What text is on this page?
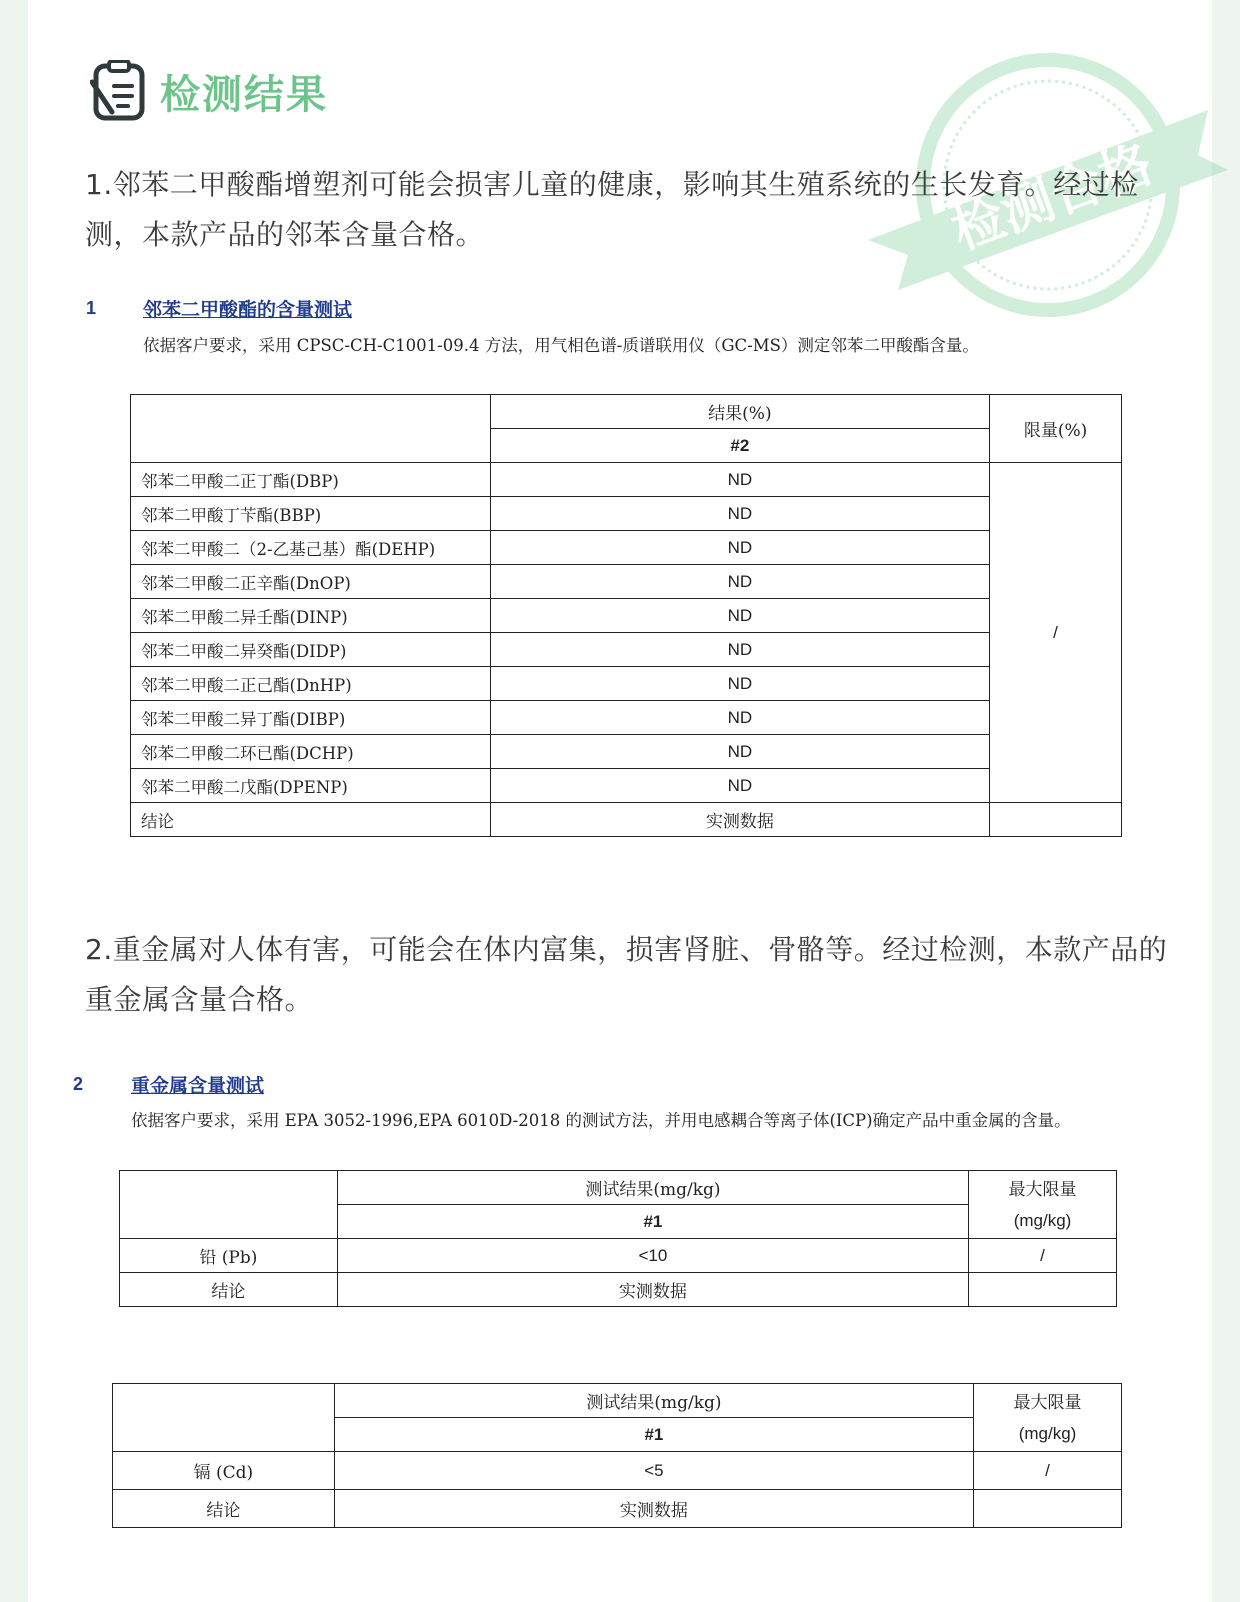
检测合格
检测结果
1.邻苯二甲酸酯增塑剂可能会损害儿童的健康，影响其生殖系统的生长发育。经过检测，本款产品的邻苯含量合格。
1 邻苯二甲酸酯的含量测试
依据客户要求，采用 CPSC-CH-C1001-09.4 方法，用气相色谱-质谱联用仪（GC-MS）测定邻苯二甲酸酯含量。
	结果(%)	限量(%)
	#2	
邻苯二甲酸二正丁酯(DBP)	ND	/
邻苯二甲酸丁苄酯(BBP)	ND	
邻苯二甲酸二（2-乙基己基）酯(DEHP)	ND	
邻苯二甲酸二正辛酯(DnOP)	ND	
邻苯二甲酸二异壬酯(DINP)	ND	
邻苯二甲酸二异癸酯(DIDP)	ND	
邻苯二甲酸二正己酯(DnHP)	ND	
邻苯二甲酸二异丁酯(DIBP)	ND	
邻苯二甲酸二环已酯(DCHP)	ND	
邻苯二甲酸二戊酯(DPENP)	ND	
结论	实测数据	
2.重金属对人体有害，可能会在体内富集，损害肾脏、骨骼等。经过检测，本款产品的重金属含量合格。
2	重金属含量测试
依据客户要求，采用 EPA 3052-1996,EPA 6010D-2018 的测试方法，并用电感耦合等离子体(ICP)确定产品中重金属的含量。
	测试结果(mg/kg)	最大限量
	#1	(mg/kg)
铅 (Pb)	<10	/
结论	实测数据	
	测试结果(mg/kg)	最大限量
	#1	(mg/kg)
镉 (Cd)	<5	/
结论	实测数据	
